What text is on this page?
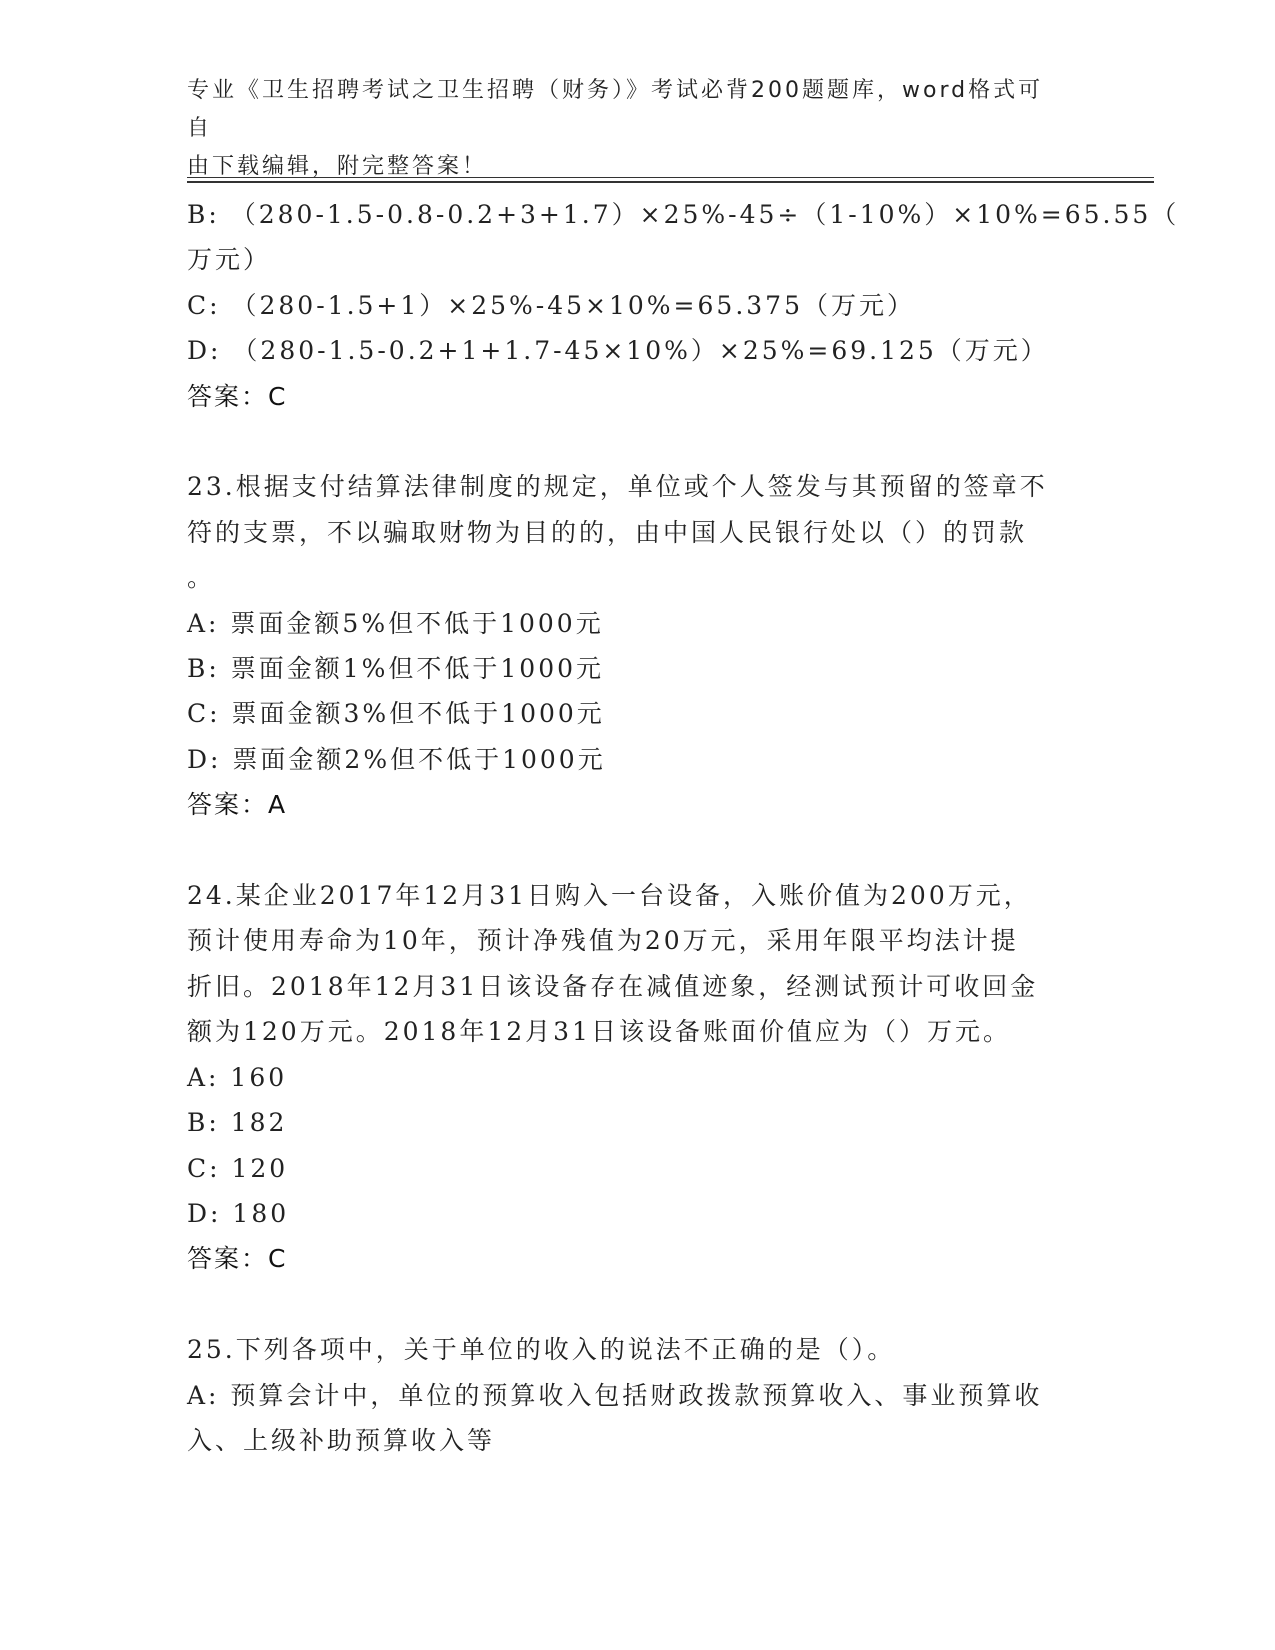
专业《卫生招聘考试之卫生招聘（财务）》考试必背200题题库，word格式可自
由下载编辑，附完整答案！
B: （280-1.5-0.8-0.2+3+1.7）×25%-45÷（1-10%）×10%=65.55（
万元）
C: （280-1.5+1）×25%-45×10%=65.375（万元）
D: （280-1.5-0.2+1+1.7-45×10%）×25%=69.125（万元）
答案：C
23.根据支付结算法律制度的规定，单位或个人签发与其预留的签章不
符的支票，不以骗取财物为目的的，由中国人民银行处以（）的罚款
。
A: 票面金额5%但不低于1000元
B: 票面金额1%但不低于1000元
C: 票面金额3%但不低于1000元
D: 票面金额2%但不低于1000元
答案：A
24.某企业2017年12月31日购入一台设备，入账价值为200万元，
预计使用寿命为10年，预计净残值为20万元，采用年限平均法计提
折旧。2018年12月31日该设备存在减值迹象，经测试预计可收回金
额为120万元。2018年12月31日该设备账面价值应为（）万元。
A: 160
B: 182
C: 120
D: 180
答案：C
25.下列各项中，关于单位的收入的说法不正确的是（）。
A: 预算会计中，单位的预算收入包括财政拨款预算收入、事业预算收
入、上级补助预算收入等
